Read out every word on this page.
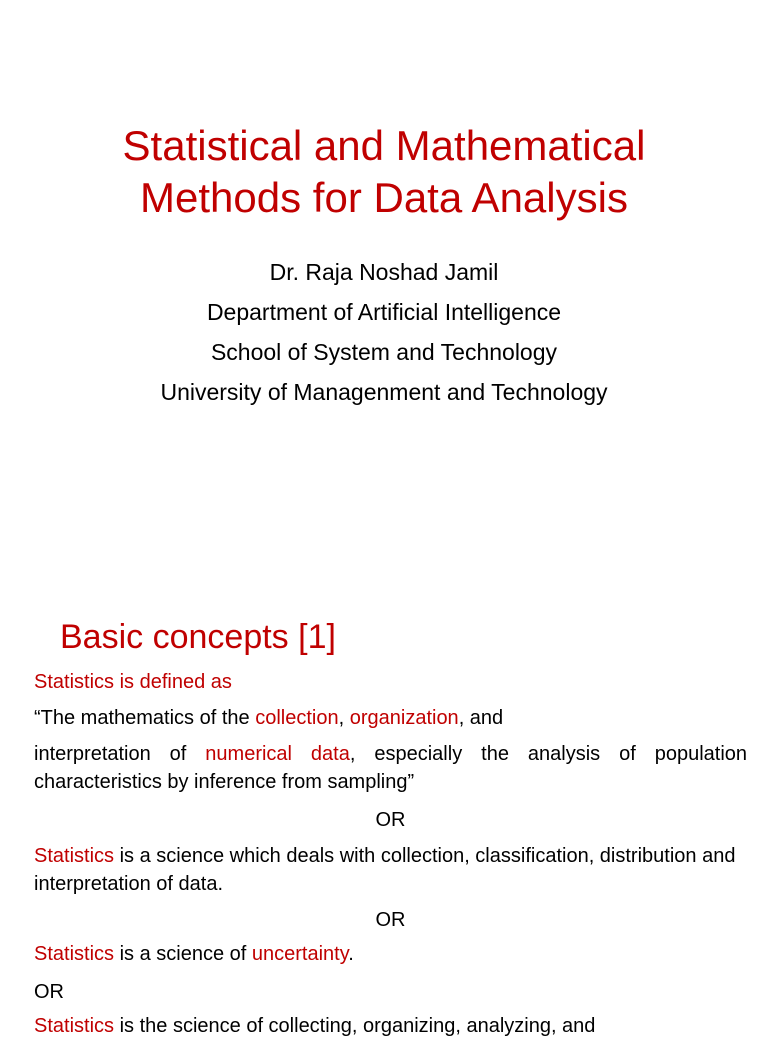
Statistical and Mathematical
Methods for Data Analysis
Dr. Raja Noshad Jamil
Department of Artificial Intelligence
School of System and Technology
University of Managenment and Technology
Basic concepts [1]
Statistics is defined as
“The mathematics of the collection, organization, and
interpretation of numerical data, especially the analysis of population characteristics by inference from sampling”
OR
Statistics is a science which deals with collection, classification, distribution and interpretation of data.
OR
Statistics is a science of uncertainty.
OR
Statistics is the science of collecting, organizing, analyzing, and
